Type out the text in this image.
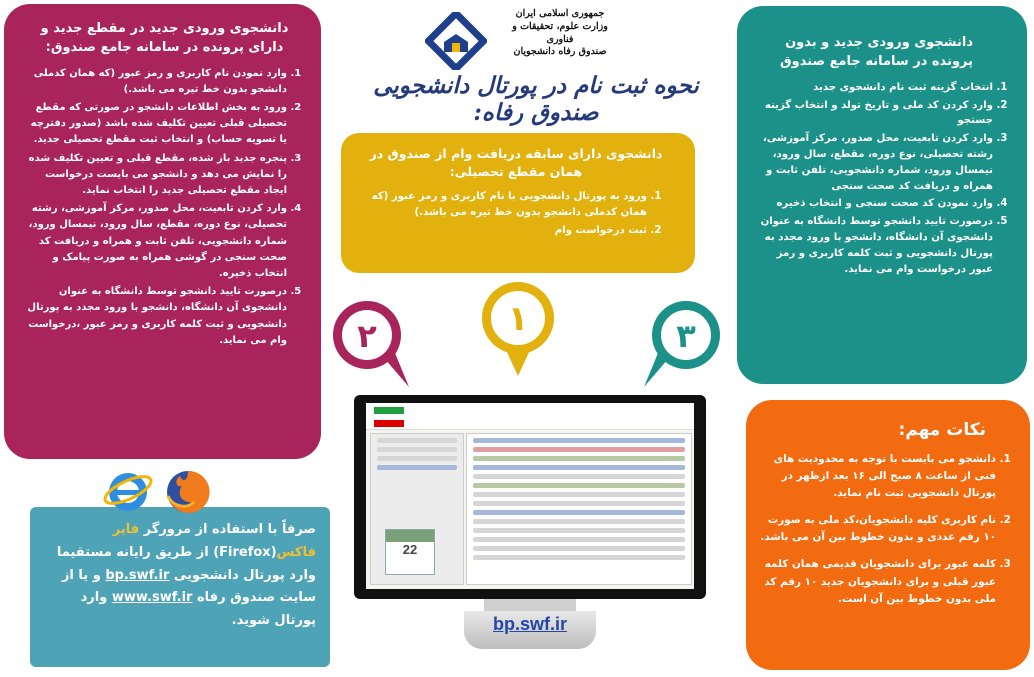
جمهوری اسلامی ایران
وزارت علوم، تحقیقات و فناوری
صندوق رفاه دانشجویان
نحوه ثبت نام در پورتال دانشجویی صندوق رفاه:
دانشجوی ورودی جدید در مقطع جدید و دارای پرونده در سامانه جامع صندوق:
1. وارد نمودن نام کاربری و رمز عبور (که همان کدملی دانشجو بدون خط تیره می باشد.)
2. ورود به بخش اطلاعات دانشجو در صورتی که مقطع تحصیلی قبلی تعیین تکلیف شده باشد (صدور دفترچه یا تسویه حساب) و انتخاب ثبت مقطع تحصیلی جدید.
3. پنجره جدید باز شده، مقطع قبلی و تعیین تکلیف شده را نمایش می دهد و دانشجو می بایست درخواست ایجاد مقطع تحصیلی جدید را انتخاب نماید.
4. وارد کردن تابعیت، محل صدور، مرکز آموزشی، رشته تحصیلی، نوع دوره، مقطع، سال ورود، نیمسال ورود، شماره دانشجویی، تلفن ثابت و همراه و دریافت کد صحت سنجی در گوشی همراه به صورت پیامک و انتخاب ذخیره.
5. درصورت تایید دانشجو توسط دانشگاه به عنوان دانشجوی آن دانشگاه، دانشجو با ورود مجدد به پورتال دانشجویی و ثبت کلمه کاربری و رمز عبور ،درخواست وام می نماید.
دانشجوی دارای سابقه دریافت وام از صندوق در همان مقطع تحصیلی:
1. ورود به پورتال دانشجویی با نام کاربری و رمز عبور (که همان کدملی دانشجو بدون خط تیره می باشد.)
2. ثبت درخواست وام
دانشجوی ورودی جدید و بدون پرونده در سامانه جامع صندوق
1. انتخاب گزینه ثبت نام دانشجوی جدید
2. وارد کردن کد ملی و تاریخ تولد و انتخاب گزینه جستجو
3. وارد کردن تابعیت، محل صدور، مرکز آموزشی، رشته تحصیلی، نوع دوره، مقطع، سال ورود، نیمسال ورود، شماره دانشجویی، تلفن ثابت و همراه و دریافت کد صحت سنجی
4. وارد نمودن کد صحت سنجی و انتخاب ذخیره
5. درصورت تایید دانشجو توسط دانشگاه به عنوان دانشجوی آن دانشگاه، دانشجو با ورود مجدد به پورتال دانشجویی و ثبت کلمه کاربری و رمز عبور درخواست وام می نماید.
نکات مهم:
1. دانشجو می بایست با توجه به محدودیت های فنی از ساعت ۸ صبح الی ۱۶ بعد ازظهر در پورتال دانشجویی ثبت نام نماید.
2. نام کاربری کلیه دانشجویان،کد ملی به صورت ۱۰ رقم عددی و بدون خطوط بین آن می باشد.
3. کلمه عبور برای دانشجویان قدیمی همان کلمه عبور قبلی و برای دانشجویان جدید ۱۰ رقم کد ملی بدون خطوط بین آن است.
صرفاً با استفاده از مرورگر فایر فاکس(Firefox) از طریق رایانه مستقیما وارد پورتال دانشجویی bp.swf.ir و یا از سایت صندوق رفاه www.swf.ir وارد پورتال شوید.
۱
۲	۳
22
bp.swf.ir
